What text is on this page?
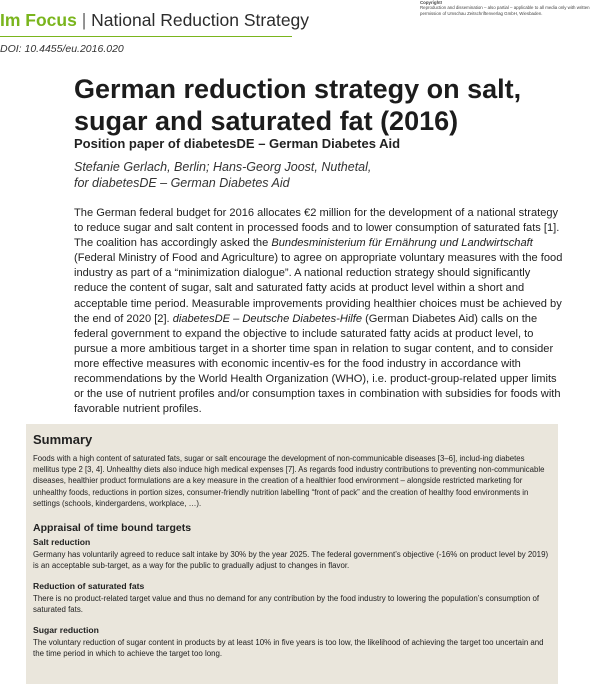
Im Focus | National Reduction Strategy
DOI: 10.4455/eu.2016.020
Copyright!
Reproduction and dissemination – also partial – applicable to all media only with written permission of Umschau Zeitschriftenverlag GmbH, Wiesbaden.
German reduction strategy on salt, sugar and saturated fat (2016)
Position paper of diabetesDE – German Diabetes Aid
Stefanie Gerlach, Berlin; Hans-Georg Joost, Nuthetal,
for diabetesDE – German Diabetes Aid

The German federal budget for 2016 allocates €2 million for the development of a national strategy to reduce sugar and salt content in processed foods and to lower consumption of saturated fats [1]. The coalition has accordingly asked the Bundesministerium für Ernährung und Landwirtschaft (Federal Ministry of Food and Agriculture) to agree on appropriate voluntary measures with the food industry as part of a “minimization dialogue”. A national reduction strategy should significantly reduce the content of sugar, salt and saturated fatty acids at product level within a short and acceptable time period. Measurable improvements providing healthier choices must be achieved by the end of 2020 [2]. diabetesDE – Deutsche Diabetes-Hilfe (German Diabetes Aid) calls on the federal government to expand the objective to include saturated fatty acids at product level, to pursue a more ambitious target in a shorter time span in relation to sugar content, and to consider more effective measures with economic incentiv-es for the food industry in accordance with recommendations by the World Health Organization (WHO), i.e. product-group-related upper limits or the use of nutrient profiles and/or consumption taxes in combination with subsidies for foods with favorable nutrient profiles.

Summary

Foods with a high content of saturated fats, sugar or salt encourage the development of non-communicable diseases [3–6], includ-ing diabetes mellitus type 2 [3, 4]. Unhealthy diets also induce high medical expenses [7]. As regards food industry contributions to preventing non-communicable diseases, healthier product formulations are a key measure in the creation of a healthier food environment – alongside restricted marketing for unhealthy foods, reductions in portion sizes, consumer-friendly nutrition labelling “front of pack” and the creation of healthy food environments in settings (schools, kindergardens, workplace, …).

Appraisal of time bound targets
Salt reduction

Germany has voluntarily agreed to reduce salt intake by 30% by the year 2025. The federal government’s objective (-16% on product level by 2019) is an acceptable sub-target, as a way for the public to gradually adjust to changes in flavor.

Reduction of saturated fats

There is no product-related target value and thus no demand for any contribution by the food industry to lowering the population’s consumption of saturated fats.

Sugar reduction

The voluntary reduction of sugar content in products by at least 10% in five years is too low, the likelihood of achieving the target too uncertain and the time period in which to achieve the target too long.
